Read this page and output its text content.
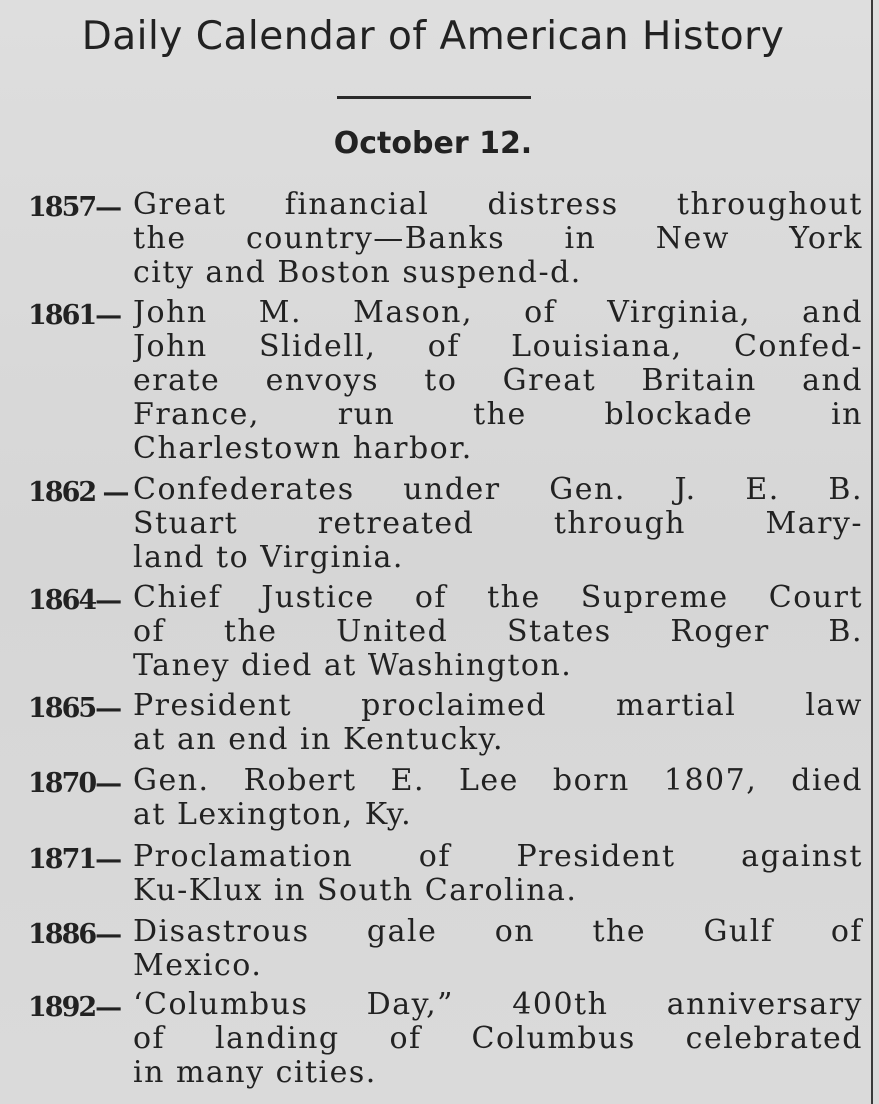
Daily Calendar of American History
October 12.
1857— Great financial distress throughout
the country—Banks in New York
city and Boston suspend‐d.
1861— John M. Mason, of Virginia, and
John Slidell, of Louisiana, Confed-
erate envoys to Great Britain and
France, run the blockade in
Charlestown harbor.
1862 — Confederates under Gen. J. E. B.
Stuart retreated through Mary-
land to Virginia.
1864— Chief Justice of the Supreme Court
of the United States Roger B.
Taney died at Washington.
1865— President proclaimed martial law
at an end in Kentucky.
1870— Gen. Robert E. Lee born 1807, died
at Lexington, Ky.
1871— Proclamation of President against
Ku-Klux in South Carolina.
1886— Disastrous gale on the Gulf of
Mexico.
1892— ‘Columbus Day,” 400th anniversary
of landing of Columbus celebrated
in many cities.
